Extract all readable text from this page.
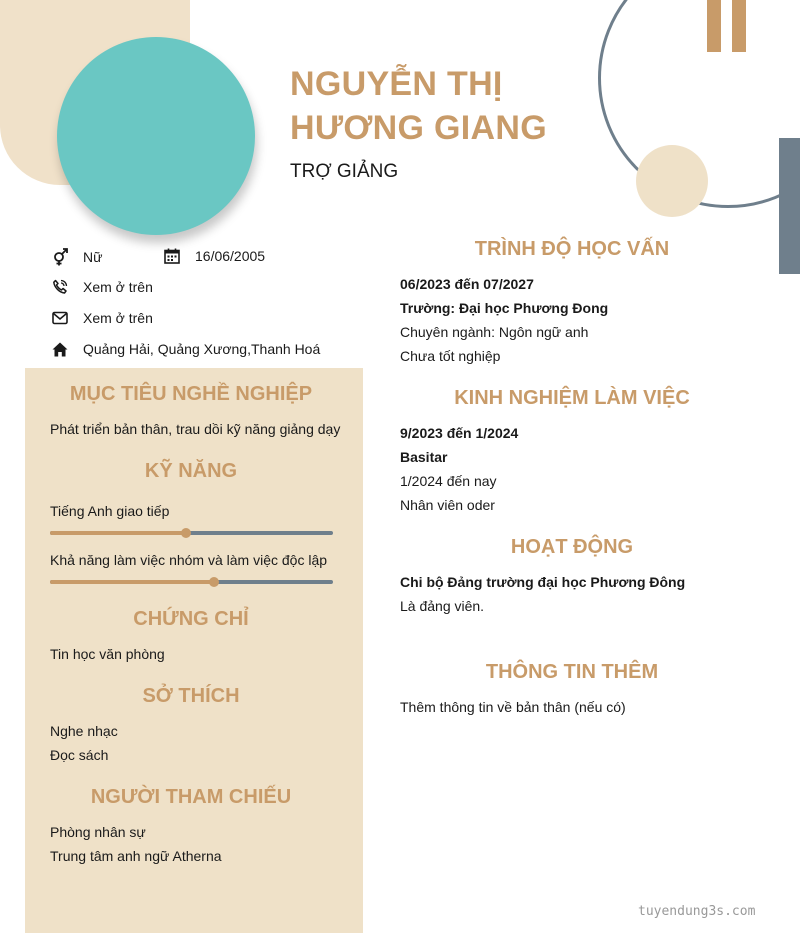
NGUYỄN THỊ
HƯƠNG GIANG
TRỢ GIẢNG
Nữ	16/06/2005
Xem ở trên
Xem ở trên
Quảng Hải, Quảng Xương,Thanh Hoá
MỤC TIÊU NGHỀ NGHIỆP
Phát triển bản thân, trau dồi kỹ năng giảng dạy
KỸ NĂNG
Tiếng Anh giao tiếp
Khả năng làm việc nhóm và làm việc độc lập
CHỨNG CHỈ
Tin học văn phòng
SỞ THÍCH
Nghe nhạc
Đọc sách
NGƯỜI THAM CHIẾU
Phòng nhân sự
Trung tâm anh ngữ Atherna
TRÌNH ĐỘ HỌC VẤN
06/2023 đến 07/2027
Trường: Đại học Phương Đong
Chuyên ngành: Ngôn ngữ anh
Chưa tốt nghiệp
KINH NGHIỆM LÀM VIỆC
9/2023 đến 1/2024
Basitar
1/2024 đến nay
Nhân viên oder
HOẠT ĐỘNG
Chi bộ Đảng trường đại học Phương Đông
Là đảng viên.
THÔNG TIN THÊM
Thêm thông tin về bản thân (nếu có)
tuyendung3s.com
